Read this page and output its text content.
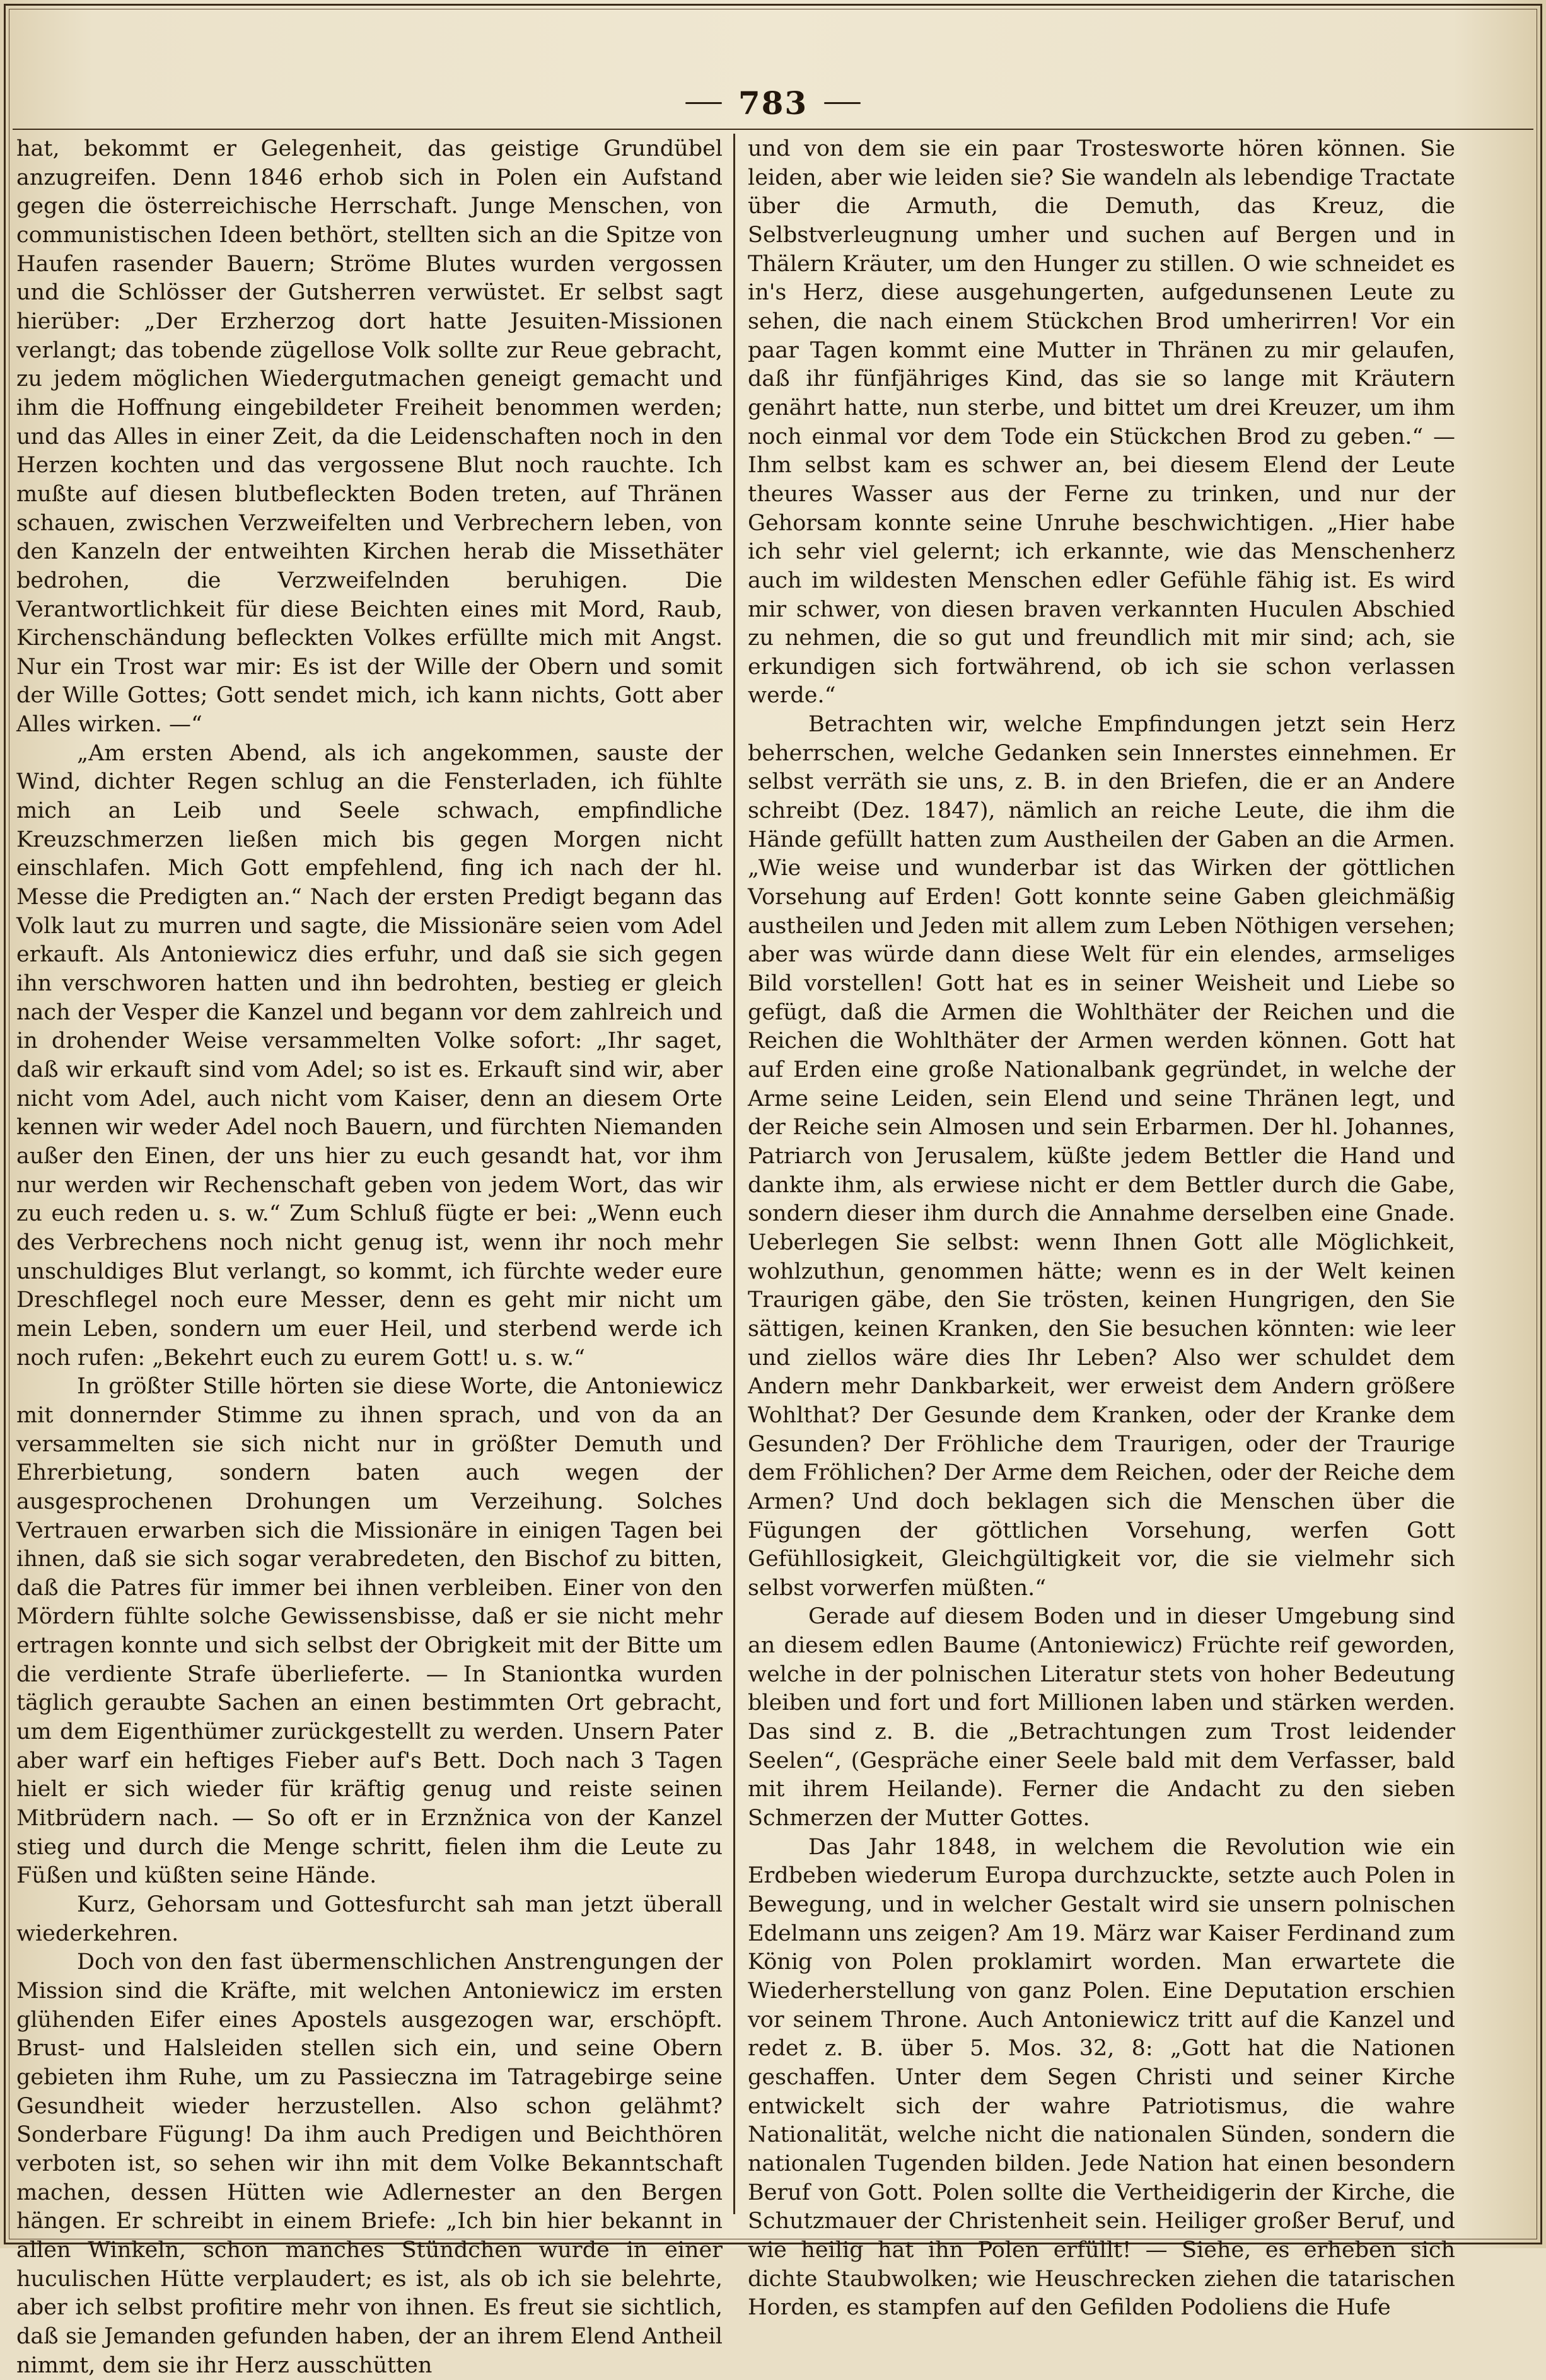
783

hat, bekommt er Gelegenheit, das geistige Grundübel anzugreifen. Denn 1846 erhob sich in Polen ein Aufstand gegen die österreichische Herrschaft. Junge Menschen, von communistischen Ideen bethört, stellten sich an die Spitze von Haufen rasender Bauern; Ströme Blutes wurden vergossen und die Schlösser der Gutsherren verwüstet. Er selbst sagt hierüber: „Der Erzherzog dort hatte Jesuiten-Missionen verlangt; das tobende zügellose Volk sollte zur Reue gebracht, zu jedem möglichen Wiedergutmachen geneigt gemacht und ihm die Hoffnung eingebildeter Freiheit benommen werden; und das Alles in einer Zeit, da die Leidenschaften noch in den Herzen kochten und das vergossene Blut noch rauchte. Ich mußte auf diesen blutbefleckten Boden treten, auf Thränen schauen, zwischen Verzweifelten und Verbrechern leben, von den Kanzeln der entweihten Kirchen herab die Missethäter bedrohen, die Verzweifelnden beruhigen. Die Verantwortlichkeit für diese Beichten eines mit Mord, Raub, Kirchenschändung befleckten Volkes erfüllte mich mit Angst. Nur ein Trost war mir: Es ist der Wille der Obern und somit der Wille Gottes; Gott sendet mich, ich kann nichts, Gott aber Alles wirken. —“

„Am ersten Abend, als ich angekommen, sauste der Wind, dichter Regen schlug an die Fensterladen, ich fühlte mich an Leib und Seele schwach, empfindliche Kreuzschmerzen ließen mich bis gegen Morgen nicht einschlafen. Mich Gott empfehlend, fing ich nach der hl. Messe die Predigten an.“ Nach der ersten Predigt begann das Volk laut zu murren und sagte, die Missionäre seien vom Adel erkauft. Als Antoniewicz dies erfuhr, und daß sie sich gegen ihn verschworen hatten und ihn bedrohten, bestieg er gleich nach der Vesper die Kanzel und begann vor dem zahlreich und in drohender Weise versammelten Volke sofort: „Ihr saget, daß wir erkauft sind vom Adel; so ist es. Erkauft sind wir, aber nicht vom Adel, auch nicht vom Kaiser, denn an diesem Orte kennen wir weder Adel noch Bauern, und fürchten Niemanden außer den Einen, der uns hier zu euch gesandt hat, vor ihm nur werden wir Rechenschaft geben von jedem Wort, das wir zu euch reden u. s. w.“ Zum Schluß fügte er bei: „Wenn euch des Verbrechens noch nicht genug ist, wenn ihr noch mehr unschuldiges Blut verlangt, so kommt, ich fürchte weder eure Dreschflegel noch eure Messer, denn es geht mir nicht um mein Leben, sondern um euer Heil, und sterbend werde ich noch rufen: „Bekehrt euch zu eurem Gott! u. s. w.“

In größter Stille hörten sie diese Worte, die Antoniewicz mit donnernder Stimme zu ihnen sprach, und von da an versammelten sie sich nicht nur in größter Demuth und Ehrerbietung, sondern baten auch wegen der ausgesprochenen Drohungen um Verzeihung. Solches Vertrauen erwarben sich die Missionäre in einigen Tagen bei ihnen, daß sie sich sogar verabredeten, den Bischof zu bitten, daß die Patres für immer bei ihnen verbleiben. Einer von den Mördern fühlte solche Gewissensbisse, daß er sie nicht mehr ertragen konnte und sich selbst der Obrigkeit mit der Bitte um die verdiente Strafe überlieferte. — In Staniontka wurden täglich geraubte Sachen an einen bestimmten Ort gebracht, um dem Eigenthümer zurückgestellt zu werden. Unsern Pater aber warf ein heftiges Fieber auf's Bett. Doch nach 3 Tagen hielt er sich wieder für kräftig genug und reiste seinen Mitbrüdern nach. — So oft er in Erznžnica von der Kanzel stieg und durch die Menge schritt, fielen ihm die Leute zu Füßen und küßten seine Hände.

Kurz, Gehorsam und Gottesfurcht sah man jetzt überall wiederkehren.

Doch von den fast übermenschlichen Anstrengungen der Mission sind die Kräfte, mit welchen Antoniewicz im ersten glühenden Eifer eines Apostels ausgezogen war, erschöpft. Brust- und Halsleiden stellen sich ein, und seine Obern gebieten ihm Ruhe, um zu Passieczna im Tatragebirge seine Gesundheit wieder herzustellen. Also schon gelähmt? Sonderbare Fügung! Da ihm auch Predigen und Beichthören verboten ist, so sehen wir ihn mit dem Volke Bekanntschaft machen, dessen Hütten wie Adlernester an den Bergen hängen. Er schreibt in einem Briefe: „Ich bin hier bekannt in allen Winkeln, schon manches Stündchen wurde in einer huculischen Hütte verplaudert; es ist, als ob ich sie belehrte, aber ich selbst profitire mehr von ihnen. Es freut sie sichtlich, daß sie Jemanden gefunden haben, der an ihrem Elend Antheil nimmt, dem sie ihr Herz ausschütten

und von dem sie ein paar Trostesworte hören können. Sie leiden, aber wie leiden sie? Sie wandeln als lebendige Tractate über die Armuth, die Demuth, das Kreuz, die Selbstverleugnung umher und suchen auf Bergen und in Thälern Kräuter, um den Hunger zu stillen. O wie schneidet es in's Herz, diese ausgehungerten, aufgedunsenen Leute zu sehen, die nach einem Stückchen Brod umherirren! Vor ein paar Tagen kommt eine Mutter in Thränen zu mir gelaufen, daß ihr fünfjähriges Kind, das sie so lange mit Kräutern genährt hatte, nun sterbe, und bittet um drei Kreuzer, um ihm noch einmal vor dem Tode ein Stückchen Brod zu geben.“ — Ihm selbst kam es schwer an, bei diesem Elend der Leute theures Wasser aus der Ferne zu trinken, und nur der Gehorsam konnte seine Unruhe beschwichtigen. „Hier habe ich sehr viel gelernt; ich erkannte, wie das Menschenherz auch im wildesten Menschen edler Gefühle fähig ist. Es wird mir schwer, von diesen braven verkannten Huculen Abschied zu nehmen, die so gut und freundlich mit mir sind; ach, sie erkundigen sich fortwährend, ob ich sie schon verlassen werde.“

Betrachten wir, welche Empfindungen jetzt sein Herz beherrschen, welche Gedanken sein Innerstes einnehmen. Er selbst verräth sie uns, z. B. in den Briefen, die er an Andere schreibt (Dez. 1847), nämlich an reiche Leute, die ihm die Hände gefüllt hatten zum Austheilen der Gaben an die Armen. „Wie weise und wunderbar ist das Wirken der göttlichen Vorsehung auf Erden! Gott konnte seine Gaben gleichmäßig austheilen und Jeden mit allem zum Leben Nöthigen versehen; aber was würde dann diese Welt für ein elendes, armseliges Bild vorstellen! Gott hat es in seiner Weisheit und Liebe so gefügt, daß die Armen die Wohlthäter der Reichen und die Reichen die Wohlthäter der Armen werden können. Gott hat auf Erden eine große Nationalbank gegründet, in welche der Arme seine Leiden, sein Elend und seine Thränen legt, und der Reiche sein Almosen und sein Erbarmen. Der hl. Johannes, Patriarch von Jerusalem, küßte jedem Bettler die Hand und dankte ihm, als erwiese nicht er dem Bettler durch die Gabe, sondern dieser ihm durch die Annahme derselben eine Gnade. Ueberlegen Sie selbst: wenn Ihnen Gott alle Möglichkeit, wohlzuthun, genommen hätte; wenn es in der Welt keinen Traurigen gäbe, den Sie trösten, keinen Hungrigen, den Sie sättigen, keinen Kranken, den Sie besuchen könnten: wie leer und ziellos wäre dies Ihr Leben? Also wer schuldet dem Andern mehr Dankbarkeit, wer erweist dem Andern größere Wohlthat? Der Gesunde dem Kranken, oder der Kranke dem Gesunden? Der Fröhliche dem Traurigen, oder der Traurige dem Fröhlichen? Der Arme dem Reichen, oder der Reiche dem Armen? Und doch beklagen sich die Menschen über die Fügungen der göttlichen Vorsehung, werfen Gott Gefühllosigkeit, Gleichgültigkeit vor, die sie vielmehr sich selbst vorwerfen müßten.“

Gerade auf diesem Boden und in dieser Umgebung sind an diesem edlen Baume (Antoniewicz) Früchte reif geworden, welche in der polnischen Literatur stets von hoher Bedeutung bleiben und fort und fort Millionen laben und stärken werden. Das sind z. B. die „Betrachtungen zum Trost leidender Seelen“, (Gespräche einer Seele bald mit dem Verfasser, bald mit ihrem Heilande). Ferner die Andacht zu den sieben Schmerzen der Mutter Gottes.

Das Jahr 1848, in welchem die Revolution wie ein Erdbeben wiederum Europa durchzuckte, setzte auch Polen in Bewegung, und in welcher Gestalt wird sie unsern polnischen Edelmann uns zeigen? Am 19. März war Kaiser Ferdinand zum König von Polen proklamirt worden. Man erwartete die Wiederherstellung von ganz Polen. Eine Deputation erschien vor seinem Throne. Auch Antoniewicz tritt auf die Kanzel und redet z. B. über 5. Mos. 32, 8: „Gott hat die Nationen geschaffen. Unter dem Segen Christi und seiner Kirche entwickelt sich der wahre Patriotismus, die wahre Nationalität, welche nicht die nationalen Sünden, sondern die nationalen Tugenden bilden. Jede Nation hat einen besondern Beruf von Gott. Polen sollte die Vertheidigerin der Kirche, die Schutzmauer der Christenheit sein. Heiliger großer Beruf, und wie heilig hat ihn Polen erfüllt! — Siehe, es erheben sich dichte Staubwolken; wie Heuschrecken ziehen die tatarischen Horden, es stampfen auf den Gefilden Podoliens die Hufe
